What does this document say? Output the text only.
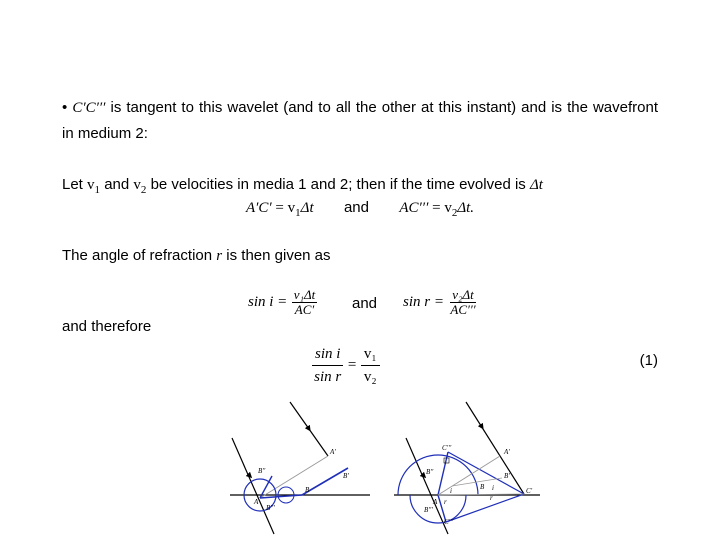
• C′C′′′ is tangent to this wavelet (and to all the other at this instant) and is the wavefront in medium 2:
Let $v_1$ and $v_2$ be velocities in media 1 and 2; then if the time evolved is Δt
$A'C' = v_1\Delta t$ and $AC''' = v_2\Delta t$.
The angle of refraction r is then given as
$\sin i = \frac{\text{v₁Δt}}{AC'}$ and $\sin r = \frac{\text{v₂Δt}}{AC'''}$
and therefore
$\frac{\text{sin i}}{\text{sin r}} = \frac{\text{v₁}}{\text{v₂}}$	(1)
A
A′
B
B′
B′′
B′′′
A
A′
B
B′
B′′
B′′′
C′
C′′′
C′′′
i	i
r
r
